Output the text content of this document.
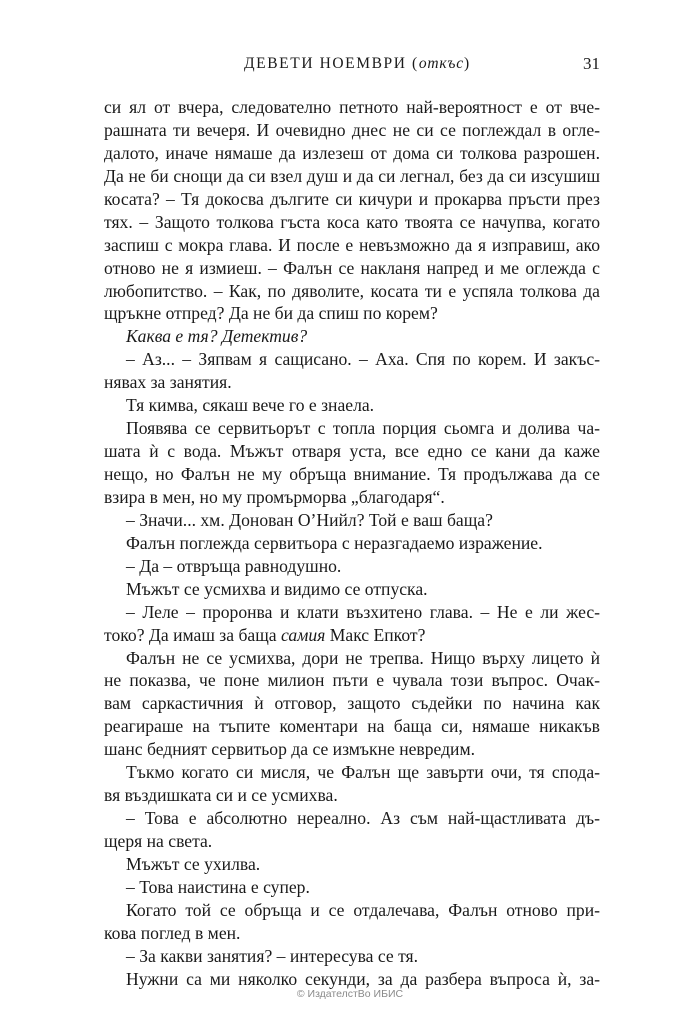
ДЕВЕТИ НОЕМВРИ (откъс)	31
си ял от вчера, следователно петното най-вероятност е от вче-
рашната ти вечеря. И очевидно днес не си се поглеждал в огле-
далото, иначе нямаше да излезеш от дома си толкова разрошен.
Да не би снощи да си взел душ и да си легнал, без да си изсушиш
косата? – Тя докосва дългите си кичури и прокарва пръсти през
тях. – Защото толкова гъста коса като твоята се начупва, когато
заспиш с мокра глава. И после е невъзможно да я изправиш, ако
отново не я измиеш. – Фалън се накланя напред и ме оглежда с
любопитство. – Как, по дяволите, косата ти е успяла толкова да
щръкне отпред? Да не би да спиш по корем?
Каква е тя? Детектив?
– Аз... – Зяпвам я сащисано. – Аха. Спя по корем. И закъс-
нявах за занятия.
Тя кимва, сякаш вече го е знаела.
Появява се сервитьорът с топла порция сьомга и долива ча-
шата ѝ с вода. Мъжът отваря уста, все едно се кани да каже
нещо, но Фалън не му обръща внимание. Тя продължава да се
взира в мен, но му промърморва „благодаря“.
– Значи... хм. Донован О’Нийл? Той е ваш баща?
Фалън поглежда сервитьора с неразгадаемо изражение.
– Да – отвръща равнодушно.
Мъжът се усмихва и видимо се отпуска.
– Леле – проронва и клати възхитено глава. – Не е ли жес-
токо? Да имаш за баща самия Макс Епкот?
Фалън не се усмихва, дори не трепва. Нищо върху лицето ѝ
не показва, че поне милион пъти е чувала този въпрос. Очак-
вам саркастичния ѝ отговор, защото съдейки по начина как
реагираше на тъпите коментари на баща си, нямаше никакъв
шанс бедният сервитьор да се измъкне невредим.
Тъкмо когато си мисля, че Фалън ще завърти очи, тя спода-
вя въздишката си и се усмихва.
– Това е абсолютно нереално. Аз съм най-щастливата дъ-
щеря на света.
Мъжът се ухилва.
– Това наистина е супер.
Когато той се обръща и се отдалечава, Фалън отново при-
кова поглед в мен.
– За какви занятия? – интересува се тя.
Нужни са ми няколко секунди, за да разбера въпроса ѝ, за-
© ИздателстВо ИБИС
